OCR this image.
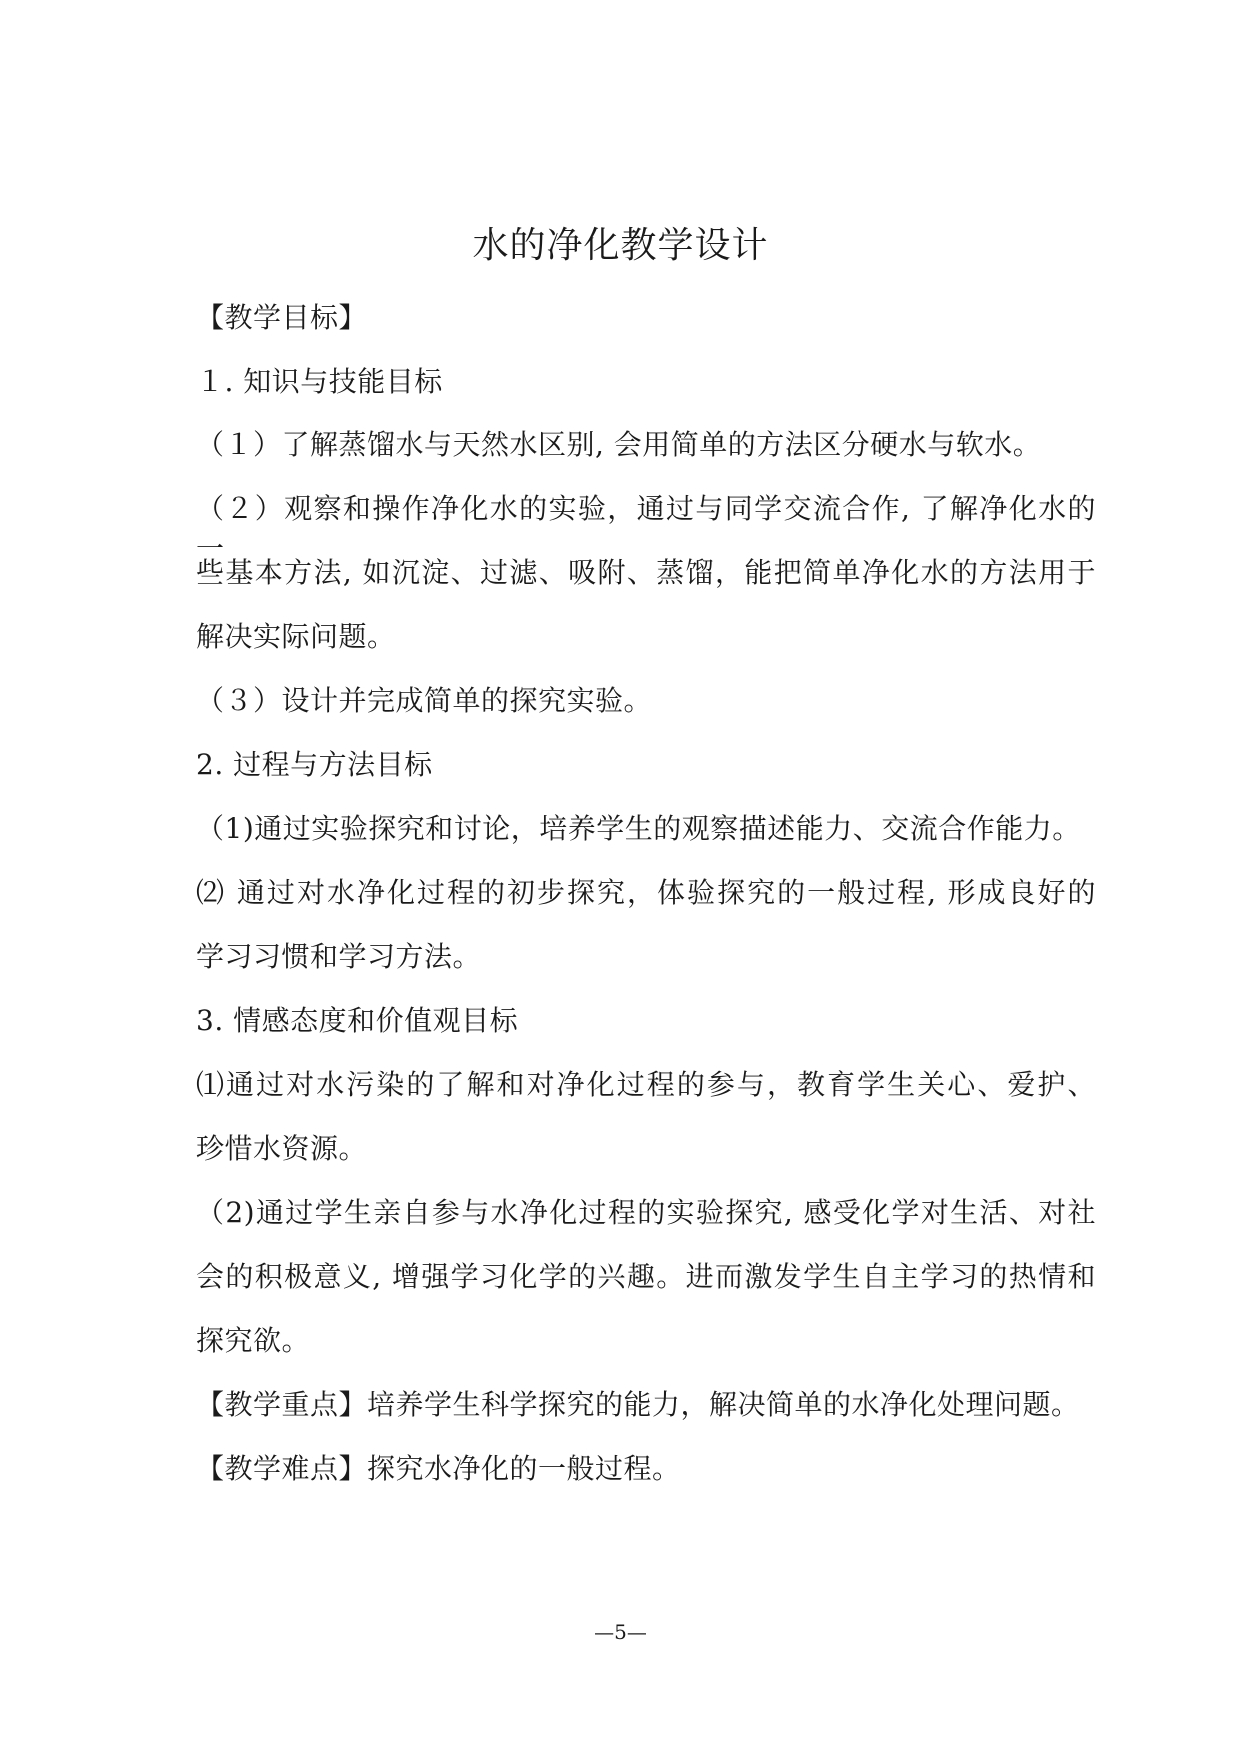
水的净化教学设计
【教学目标】
１. 知识与技能目标
（１）了解蒸馏水与天然水区别, 会用简单的方法区分硬水与软水。
（２）观察和操作净化水的实验，通过与同学交流合作, 了解净化水的一
些基本方法, 如沉淀、过滤、吸附、蒸馏，能把简单净化水的方法用于
解决实际问题。
（３）设计并完成简单的探究实验。
2. 过程与方法目标
（1)通过实验探究和讨论，培养学生的观察描述能力、交流合作能力。
⑵ 通过对水净化过程的初步探究，体验探究的一般过程, 形成良好的
学习习惯和学习方法。
3. 情感态度和价值观目标
⑴通过对水污染的了解和对净化过程的参与，教育学生关心、爱护、
珍惜水资源。
（2)通过学生亲自参与水净化过程的实验探究, 感受化学对生活、对社
会的积极意义, 增强学习化学的兴趣。进而激发学生自主学习的热情和
探究欲。
【教学重点】培养学生科学探究的能力，解决简单的水净化处理问题。
【教学难点】探究水净化的一般过程。
—5—
